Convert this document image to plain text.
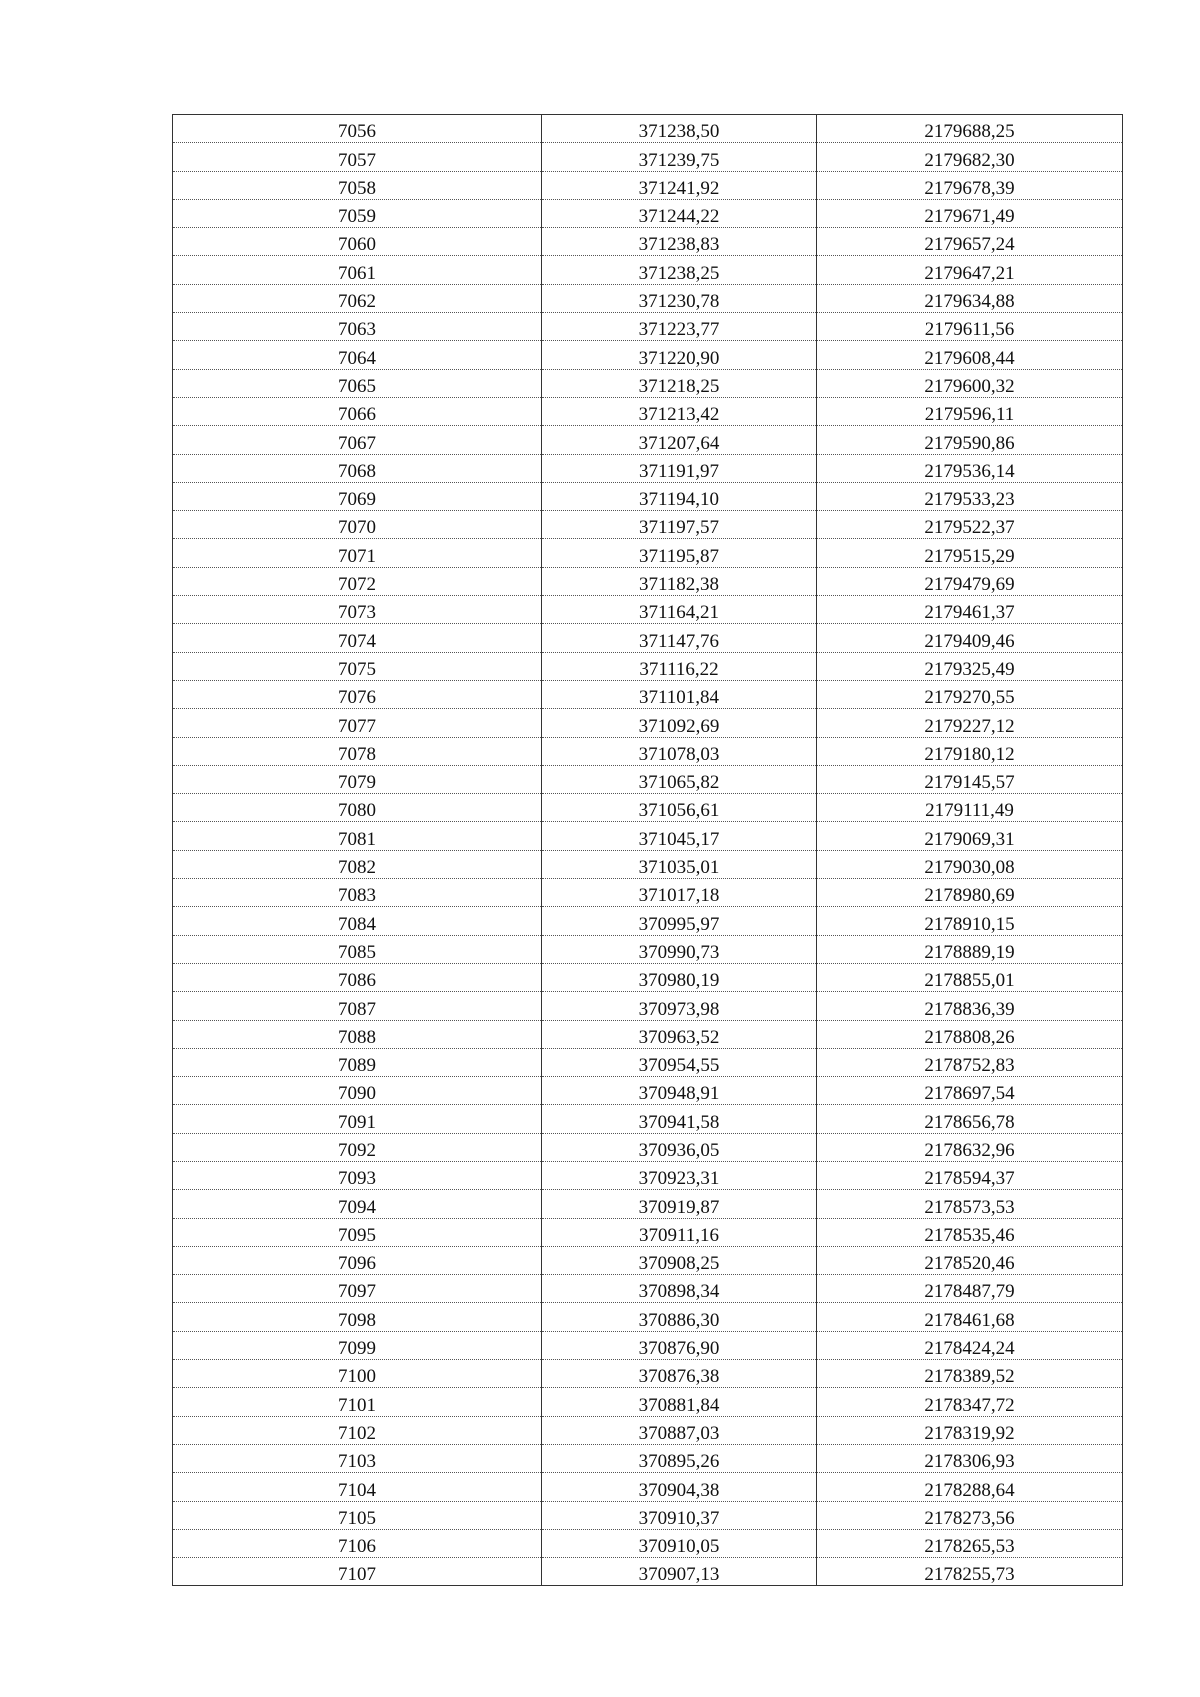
7056	371238,50	2179688,25
7057	371239,75	2179682,30
7058	371241,92	2179678,39
7059	371244,22	2179671,49
7060	371238,83	2179657,24
7061	371238,25	2179647,21
7062	371230,78	2179634,88
7063	371223,77	2179611,56
7064	371220,90	2179608,44
7065	371218,25	2179600,32
7066	371213,42	2179596,11
7067	371207,64	2179590,86
7068	371191,97	2179536,14
7069	371194,10	2179533,23
7070	371197,57	2179522,37
7071	371195,87	2179515,29
7072	371182,38	2179479,69
7073	371164,21	2179461,37
7074	371147,76	2179409,46
7075	371116,22	2179325,49
7076	371101,84	2179270,55
7077	371092,69	2179227,12
7078	371078,03	2179180,12
7079	371065,82	2179145,57
7080	371056,61	2179111,49
7081	371045,17	2179069,31
7082	371035,01	2179030,08
7083	371017,18	2178980,69
7084	370995,97	2178910,15
7085	370990,73	2178889,19
7086	370980,19	2178855,01
7087	370973,98	2178836,39
7088	370963,52	2178808,26
7089	370954,55	2178752,83
7090	370948,91	2178697,54
7091	370941,58	2178656,78
7092	370936,05	2178632,96
7093	370923,31	2178594,37
7094	370919,87	2178573,53
7095	370911,16	2178535,46
7096	370908,25	2178520,46
7097	370898,34	2178487,79
7098	370886,30	2178461,68
7099	370876,90	2178424,24
7100	370876,38	2178389,52
7101	370881,84	2178347,72
7102	370887,03	2178319,92
7103	370895,26	2178306,93
7104	370904,38	2178288,64
7105	370910,37	2178273,56
7106	370910,05	2178265,53
7107	370907,13	2178255,73
